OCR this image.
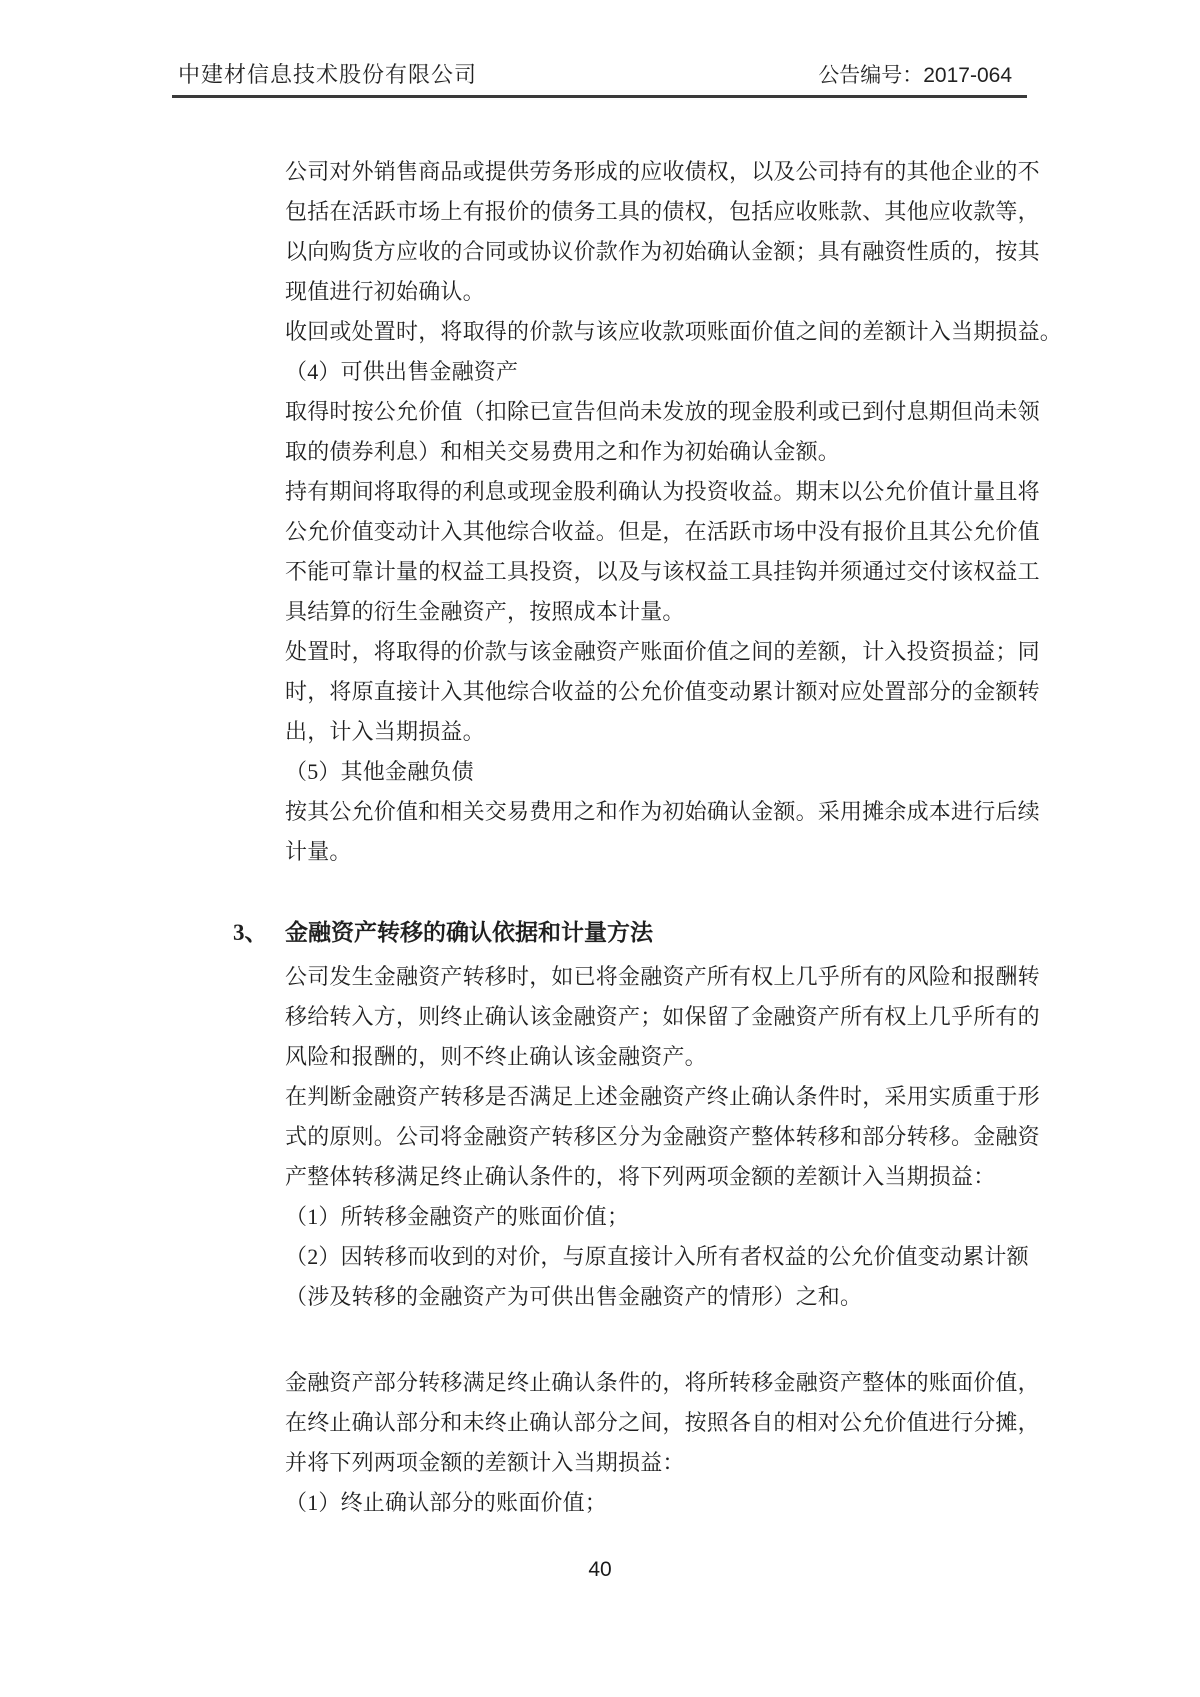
中建材信息技术股份有限公司	公告编号：2017-064
公司对外销售商品或提供劳务形成的应收债权，以及公司持有的其他企业的不
包括在活跃市场上有报价的债务工具的债权，包括应收账款、其他应收款等，
以向购货方应收的合同或协议价款作为初始确认金额；具有融资性质的，按其
现值进行初始确认。
收回或处置时，将取得的价款与该应收款项账面价值之间的差额计入当期损益。
（4）可供出售金融资产
取得时按公允价值（扣除已宣告但尚未发放的现金股利或已到付息期但尚未领
取的债券利息）和相关交易费用之和作为初始确认金额。
持有期间将取得的利息或现金股利确认为投资收益。期末以公允价值计量且将
公允价值变动计入其他综合收益。但是，在活跃市场中没有报价且其公允价值
不能可靠计量的权益工具投资，以及与该权益工具挂钩并须通过交付该权益工
具结算的衍生金融资产，按照成本计量。
处置时，将取得的价款与该金融资产账面价值之间的差额，计入投资损益；同
时，将原直接计入其他综合收益的公允价值变动累计额对应处置部分的金额转
出，计入当期损益。
（5）其他金融负债
按其公允价值和相关交易费用之和作为初始确认金额。采用摊余成本进行后续
计量。
3、 金融资产转移的确认依据和计量方法
公司发生金融资产转移时，如已将金融资产所有权上几乎所有的风险和报酬转
移给转入方，则终止确认该金融资产；如保留了金融资产所有权上几乎所有的
风险和报酬的，则不终止确认该金融资产。
在判断金融资产转移是否满足上述金融资产终止确认条件时，采用实质重于形
式的原则。公司将金融资产转移区分为金融资产整体转移和部分转移。金融资
产整体转移满足终止确认条件的，将下列两项金额的差额计入当期损益：
（1）所转移金融资产的账面价值；
（2）因转移而收到的对价，与原直接计入所有者权益的公允价值变动累计额
（涉及转移的金融资产为可供出售金融资产的情形）之和。
金融资产部分转移满足终止确认条件的，将所转移金融资产整体的账面价值，
在终止确认部分和未终止确认部分之间，按照各自的相对公允价值进行分摊，
并将下列两项金额的差额计入当期损益：
（1）终止确认部分的账面价值；
40
